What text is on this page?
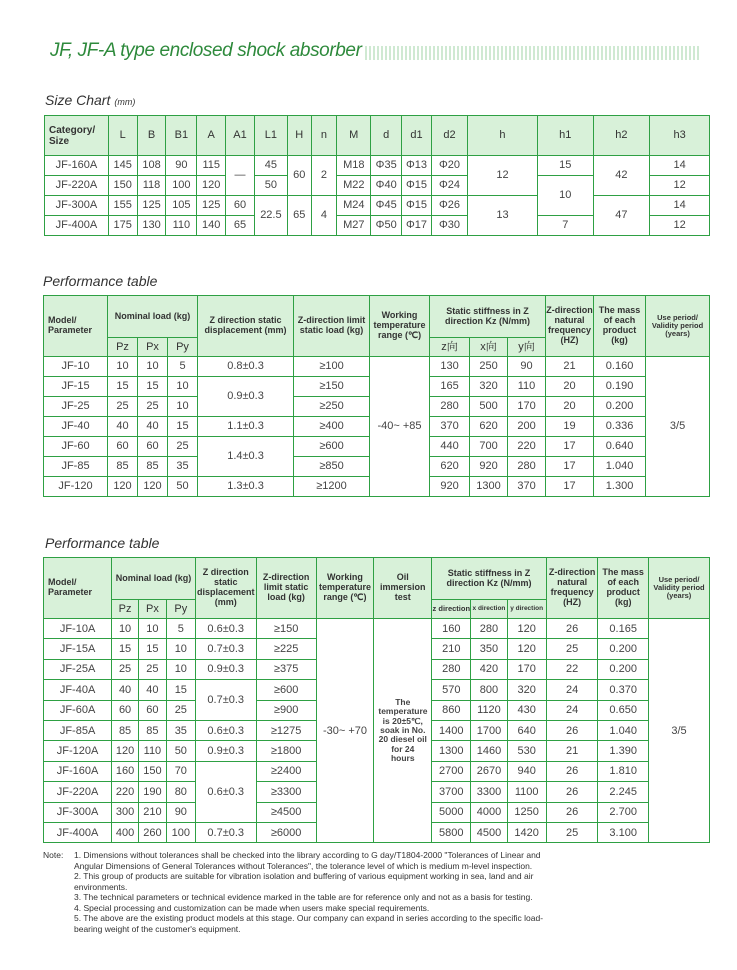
JF, JF-A type enclosed shock absorber
Size Chart (mm)
Category/ Size	L	B	B1	A	A1	L1	H	n	M	d	d1	d2	h	h1	h2	h3
JF-160A	145	108	90	115	—	45	60	2	M18	Φ35	Φ13	Φ20	12	15	42	14
JF-220A	150	118	100	120		50			M22	Φ40	Φ15	Φ24		10		12
JF-300A	155	125	105	125	60	22.5	65	4	M24	Φ45	Φ15	Φ26	13		47	14
JF-400A	175	130	110	140	65				M27	Φ50	Φ17	Φ30		7		12
Performance table
Model/ Parameter	Nominal load (kg)			Z direction static displacement (mm)	Z-direction limit static load (kg)	Working temperature range (℃)	Static stiffness in Z direction Kz (N/mm)			Z-direction natural frequency (HZ)	The mass of each product (kg)	Use period/ Validity period (years)
	Pz	Px	Py				z向	x向	y向			
JF-10	10	10	5	0.8±0.3	≥100	-40~ +85	130	250	90	21	0.160	3/5
JF-15	15	15	10	0.9±0.3	≥150		165	320	110	20	0.190	
JF-25	25	25	10		≥250		280	500	170	20	0.200	
JF-40	40	40	15	1.1±0.3	≥400		370	620	200	19	0.336	
JF-60	60	60	25	1.4±0.3	≥600		440	700	220	17	0.640	
JF-85	85	85	35		≥850		620	920	280	17	1.040	
JF-120	120	120	50	1.3±0.3	≥1200		920	1300	370	17	1.300	
Performance table
Model/ Parameter	Nominal load (kg)			Z direction static displacement (mm)	Z-direction limit static load (kg)	Working temperature range (℃)	Oil immersion test	Static stiffness in Z direction Kz (N/mm)			Z-direction natural frequency (HZ)	The mass of each product (kg)	Use period/ Validity period (years)
	Pz	Px	Py					z direction	x direction	y direction			
JF-10A	10	10	5	0.6±0.3	≥150	-30~ +70	The temperature is 20±5℃, soak in No. 20 diesel oil for 24 hours	160	280	120	26	0.165	3/5
JF-15A	15	15	10	0.7±0.3	≥225			210	350	120	25	0.200	
JF-25A	25	25	10	0.9±0.3	≥375			280	420	170	22	0.200	
JF-40A	40	40	15	0.7±0.3	≥600			570	800	320	24	0.370	
JF-60A	60	60	25		≥900			860	1120	430	24	0.650	
JF-85A	85	85	35	0.6±0.3	≥1275			1400	1700	640	26	1.040	
JF-120A	120	110	50	0.9±0.3	≥1800			1300	1460	530	21	1.390	
JF-160A	160	150	70	0.6±0.3	≥2400			2700	2670	940	26	1.810	
JF-220A	220	190	80		≥3300			3700	3300	1100	26	2.245	
JF-300A	300	210	90		≥4500			5000	4000	1250	26	2.700	
JF-400A	400	260	100	0.7±0.3	≥6000			5800	4500	1420	25	3.100	
Note: 1. Dimensions without tolerances shall be checked into the library according to G day/T1804-2000 "Tolerances of Linear and Angular Dimensions of General Tolerances without Tolerances", the tolerance level of which is medium m-level inspection.

2. This group of products are suitable for vibration isolation and buffering of various equipment working in sea, land and air environments.

3. The technical parameters or technical evidence marked in the table are for reference only and not as a basis for testing.

4. Special processing and customization can be made when users make special requirements.

5. The above are the existing product models at this stage. Our company can expand in series according to the specific load-bearing weight of the customer's equipment.
